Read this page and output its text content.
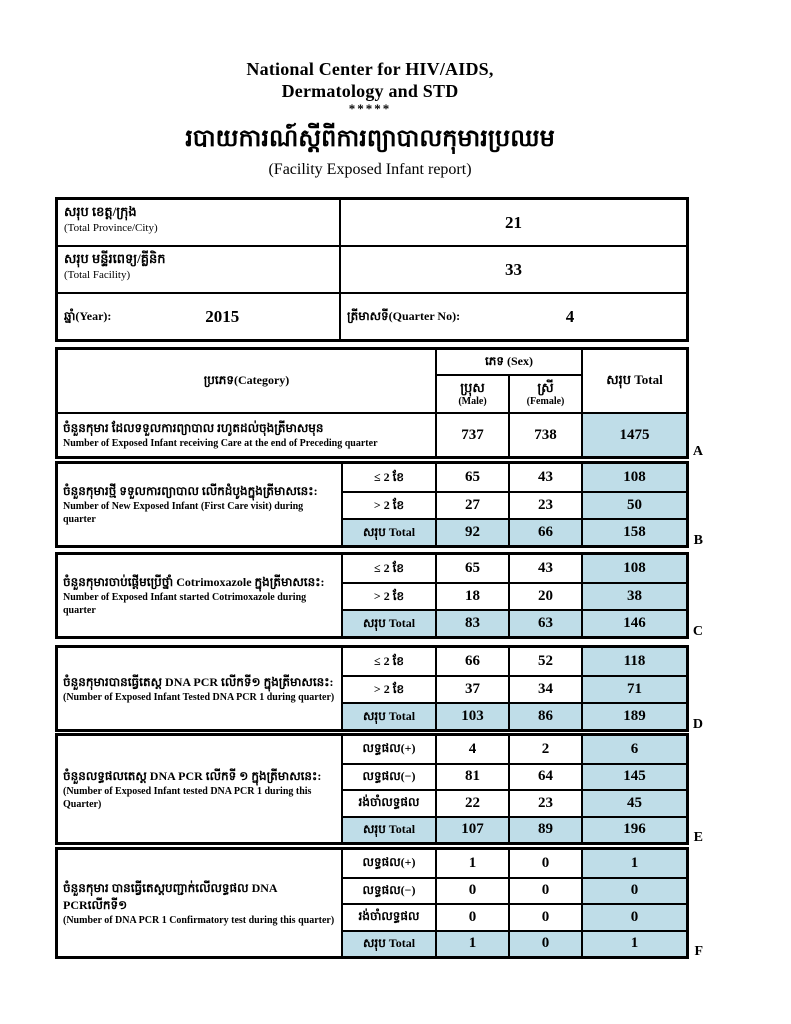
National Center for HIV/AIDS,
Dermatology and STD
*****
របាយការណ៍ស្តីពីការព្យាបាលកុមារប្រឈម
(Facility Exposed Infant report)
សរុប ខេត្ត/ក្រុង
(Total Province/City)	21
សរុប មន្ទីរពេទ្យ/គ្លីនិក
(Total Facility)	33
ឆ្នាំ(Year):	2015	ត្រីមាសទី(Quarter No):	4
ប្រភេទ(Category)
ភេទ (Sex)
សរុប Total
ប្រុស
(Male)
ស្រី
(Female)
ចំនួនកុមារ ដែលទទួលការព្យាបាល រហូតដល់ចុងត្រីមាសមុន
Number of Exposed Infant receiving Care at the end of Preceding quarter
737	738	1475
A
ចំនួនកុមារថ្មី ទទួលការព្យាបាល លើកដំបូងក្នុងត្រីមាសនេះ:
Number of New Exposed Infant (First Care visit) during quarter
≤ 2 ខែ	65	43	108
> 2 ខែ	27	23	50
សរុប Total	92	66	158
B
ចំនួនកុមារចាប់ផ្តើមប្រើថ្នាំ Cotrimoxazole ក្នុងត្រីមាសនេះ:
Number of Exposed Infant started Cotrimoxazole during quarter
≤ 2 ខែ	65	43	108
> 2 ខែ	18	20	38
សរុប Total	83	63	146
C
ចំនួនកុមារបានធ្វើតេស្ត DNA PCR លើកទី១ ក្នុងត្រីមាសនេះ:
(Number of Exposed Infant Tested DNA PCR 1 during quarter)
≤ 2 ខែ	66	52	118
> 2 ខែ	37	34	71
សរុប Total	103	86	189
D
ចំនួនលទ្ធផលតេស្ត DNA PCR លើកទី ១ ក្នុងត្រីមាសនេះ:
(Number of Exposed Infant tested DNA PCR 1 during this Quarter)
លទ្ធផល(+)	4	2	6
លទ្ធផល(−)	81	64	145
រង់ចាំលទ្ធផល	22	23	45
សរុប Total	107	89	196
E
ចំនួនកុមារ បានធ្វើតេស្តបញ្ជាក់លើលទ្ធផល DNA PCRលើកទី១
(Number of DNA PCR 1 Confirmatory test during this quarter)
លទ្ធផល(+)	1	0	1
លទ្ធផល(−)	0	0	0
រង់ចាំលទ្ធផល	0	0	0
សរុប Total	1	0	1
F
